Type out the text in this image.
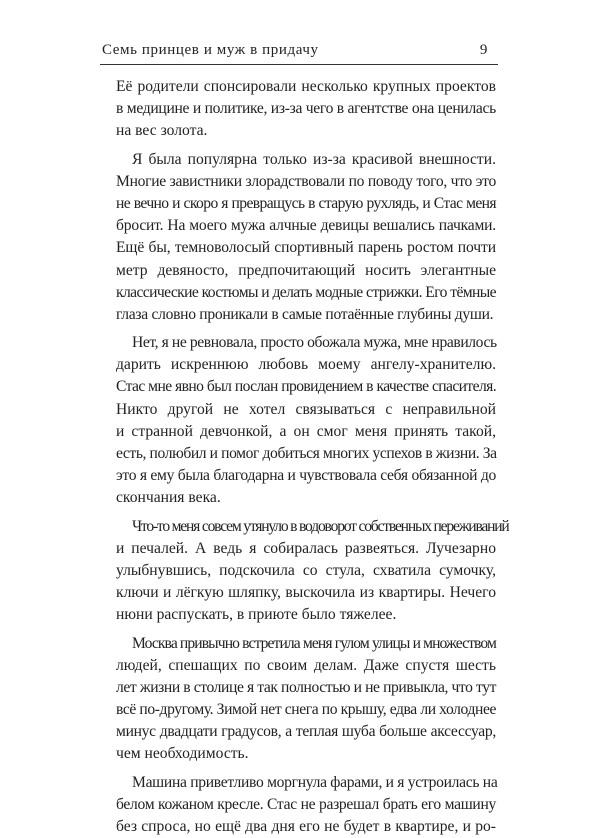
Семь принцев и муж в придачу	9
Её родители спонсировали несколько крупных проектов
в медицине и политике, из-за чего в агентстве она ценилась
на вес золота.
Я была популярна только из-за красивой внешности.
Многие завистники злорадствовали по поводу того, что это
не вечно и скоро я превращусь в старую рухлядь, и Стас меня
бросит. На моего мужа алчные девицы вешались пачками.
Ещё бы, темноволосый спортивный парень ростом почти
метр девяносто, предпочитающий носить элегантные
классические костюмы и делать модные стрижки. Его тёмные
глаза словно проникали в самые потаённые глубины души.
Нет, я не ревновала, просто обожала мужа, мне нравилось
дарить искреннюю любовь моему ангелу-хранителю.
Стас мне явно был послан провидением в качестве спасителя.
Никто другой не хотел связываться с неправильной
и странной девчонкой, а он смог меня принять такой,
есть, полюбил и помог добиться многих успехов в жизни. За
это я ему была благодарна и чувствовала себя обязанной до
скончания века.
Что-то меня совсем утянуло в водоворот собственных переживаний
и печалей. А ведь я собиралась развеяться. Лучезарно
улыбнувшись, подскочила со стула, схватила сумочку,
ключи и лёгкую шляпку, выскочила из квартиры. Нечего
нюни распускать, в приюте было тяжелее.
Москва привычно встретила меня гулом улицы и множеством
людей, спешащих по своим делам. Даже спустя шесть
лет жизни в столице я так полностью и не привыкла, что тут
всё по-другому. Зимой нет снега по крышу, едва ли холоднее
минус двадцати градусов, а теплая шуба больше аксессуар,
чем необходимость.
Машина приветливо моргнула фарами, и я устроилась на
белом кожаном кресле. Стас не разрешал брать его машину
без спроса, но ещё два дня его не будет в квартире, и ро-
